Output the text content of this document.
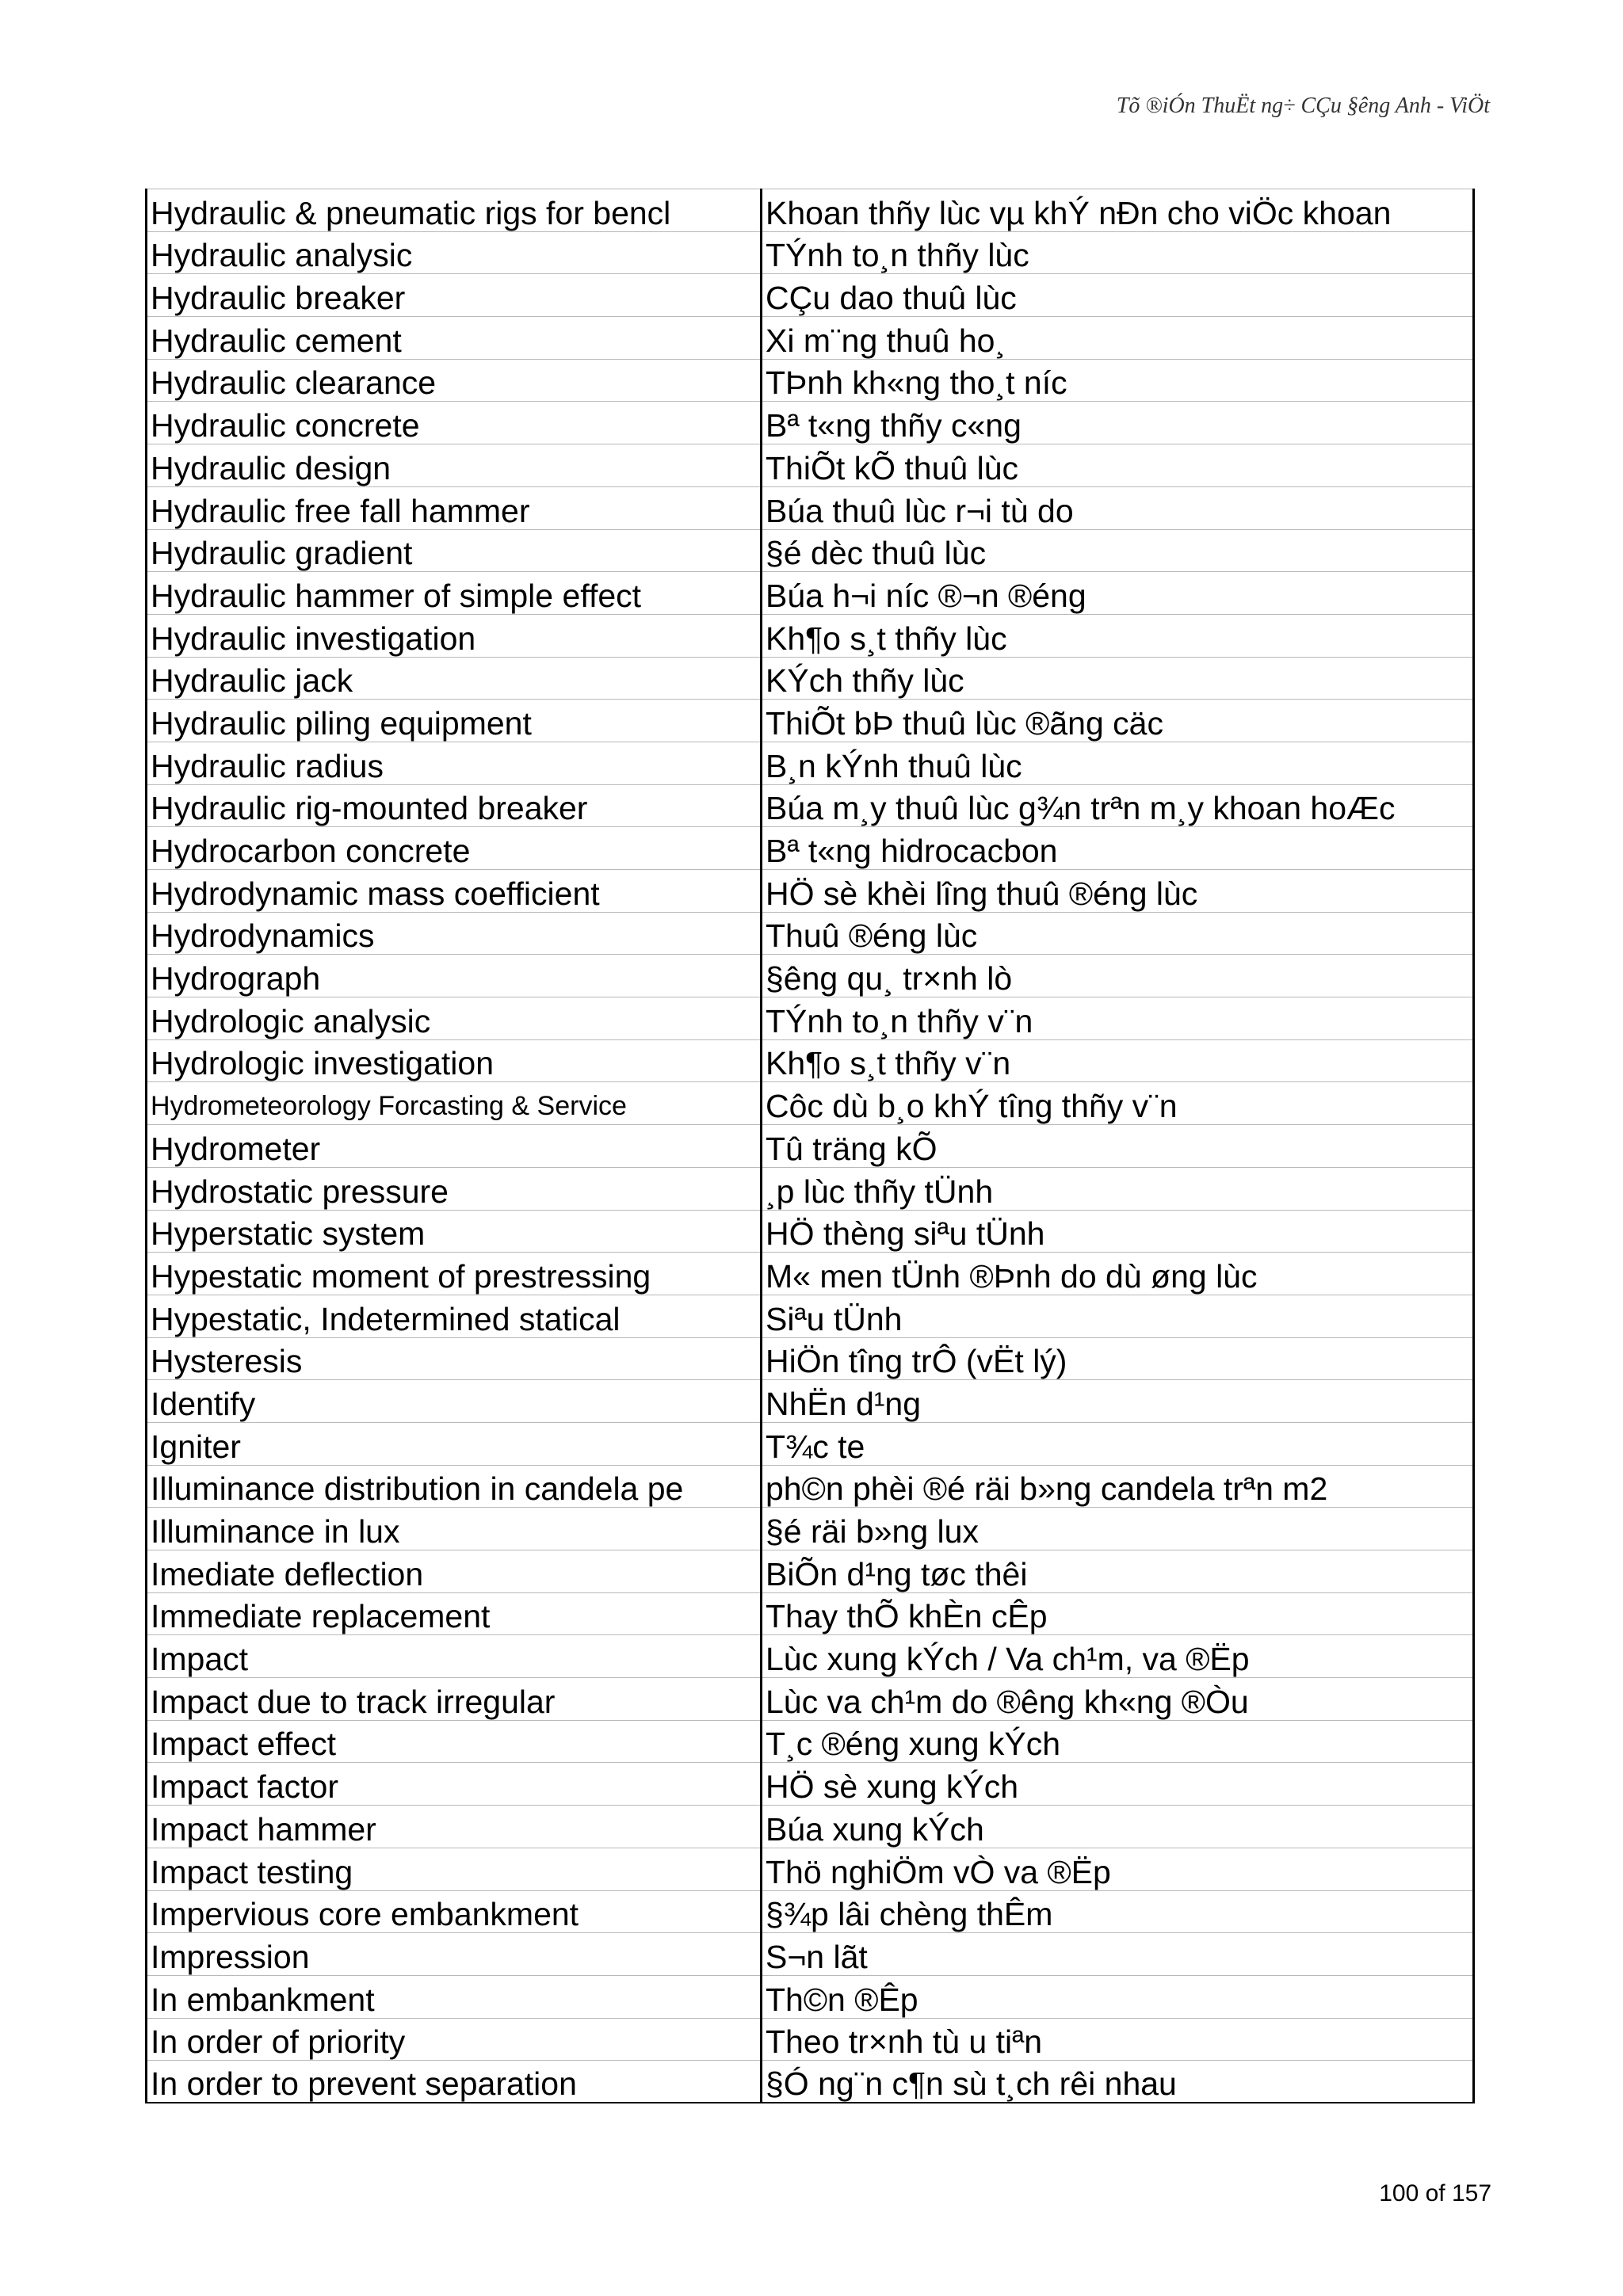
Tõ ®iÓn ThuËt ng÷ CÇu §êng Anh - ViÖt
Hydraulic & pneumatic rigs for bencl	Khoan thñy lùc vµ khÝ nÐn cho viÖc khoan
Hydraulic analysic	TÝnh to¸n thñy lùc
Hydraulic breaker	CÇu dao thuû lùc
Hydraulic cement	Xi m¨ng thuû ho¸
Hydraulic clearance	TÞnh kh«ng tho¸t níc
Hydraulic concrete	Bª t«ng thñy c«ng
Hydraulic design	ThiÕt kÕ thuû lùc
Hydraulic free fall hammer	Búa thuû lùc r¬i tù do
Hydraulic gradient	§é dèc thuû lùc
Hydraulic hammer of simple effect	Búa h¬i níc ®¬n ®éng
Hydraulic investigation	Kh¶o s¸t thñy lùc
Hydraulic jack	KÝch thñy lùc
Hydraulic piling equipment	ThiÕt bÞ thuû lùc ®ãng cäc
Hydraulic radius	B¸n kÝnh thuû lùc
Hydraulic rig-mounted breaker	Búa m¸y thuû lùc g¾n trªn m¸y khoan hoÆc
Hydrocarbon concrete	Bª t«ng hidrocacbon
Hydrodynamic mass coefficient	HÖ sè khèi lîng thuû ®éng lùc
Hydrodynamics	Thuû ®éng lùc
Hydrograph	§êng qu¸ tr×nh lò
Hydrologic analysic	TÝnh to¸n thñy v¨n
Hydrologic investigation	Kh¶o s¸t thñy v¨n
Hydrometeorology Forcasting & Service	Côc dù b¸o khÝ tîng thñy v¨n
Hydrometer	Tû träng kÕ
Hydrostatic pressure	¸p lùc thñy tÜnh
Hyperstatic system	HÖ thèng siªu tÜnh
Hypestatic moment of prestressing	M« men tÜnh ®Þnh do dù øng lùc
Hypestatic, Indetermined statical	Siªu tÜnh
Hysteresis	HiÖn tîng trÔ (vËt lý)
Identify	NhËn d¹ng
Igniter	T¾c te
Illuminance distribution in candela pe	ph©n phèi ®é räi b»ng candela trªn m2
Illuminance in lux	§é räi b»ng lux
Imediate deflection	BiÕn d¹ng tøc thêi
Immediate replacement	Thay thÕ khÈn cÊp
Impact	Lùc xung kÝch / Va ch¹m, va ®Ëp
Impact due to track irregular	Lùc va ch¹m do ®êng kh«ng ®Òu
Impact effect	T¸c ®éng xung kÝch
Impact factor	HÖ sè xung kÝch
Impact hammer	Búa xung kÝch
Impact testing	Thö nghiÖm vÒ va ®Ëp
Impervious core embankment	§¾p lâi chèng thÊm
Impression	S¬n lãt
In embankment	Th©n ®Êp
In order of priority	Theo tr×nh tù u tiªn
In order to prevent separation	§Ó ng¨n c¶n sù t¸ch rêi nhau
100 of 157
